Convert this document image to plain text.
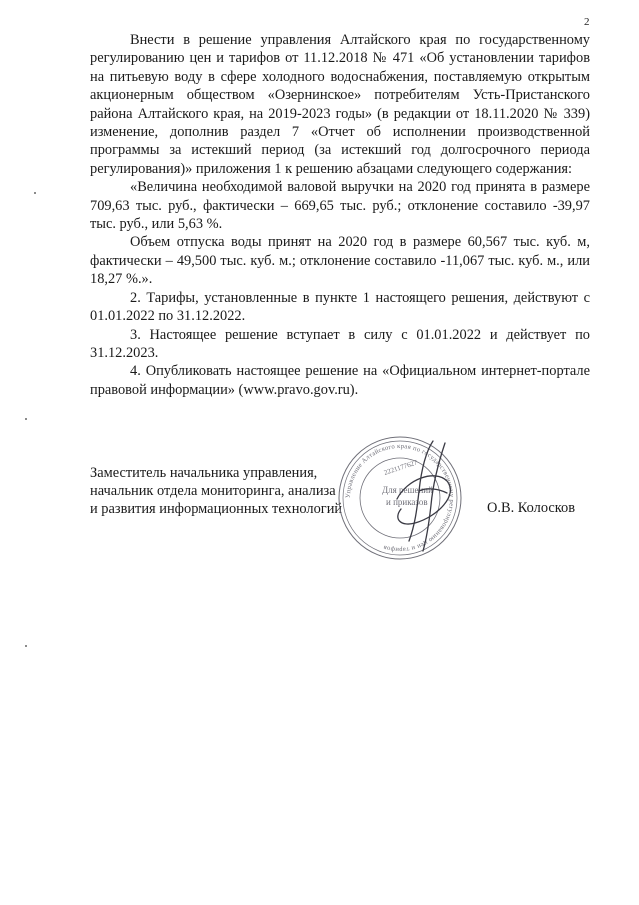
2

Внести в решение управления Алтайского края по государственному регулированию цен и тарифов от 11.12.2018 № 471 «Об установлении тарифов на питьевую воду в сфере холодного водоснабжения, поставляемую открытым акционерным обществом «Озернинское» потребителям Усть-Пристанского района Алтайского края, на 2019-2023 годы» (в редакции от 18.11.2020 № 339) изменение, дополнив раздел 7 «Отчет об исполнении производственной программы за истекший период (за истекший год долгосрочного периода регулирования)» приложения 1 к решению абзацами следующего содержания:

«Величина необходимой валовой выручки на 2020 год принята в размере 709,63 тыс. руб., фактически – 669,65 тыс. руб.; отклонение составило -39,97 тыс. руб., или 5,63 %.

Объем отпуска воды принят на 2020 год в размере 60,567 тыс. куб. м, фактически – 49,500 тыс. куб. м.; отклонение составило -11,067 тыс. куб. м., или 18,27 %.».

2. Тарифы, установленные в пункте 1 настоящего решения, действуют с 01.01.2022 по 31.12.2022.

3. Настоящее решение вступает в силу с 01.01.2022 и действует по 31.12.2023.

4. Опубликовать настоящее решение на «Официальном интернет-портале правовой информации» (www.pravo.gov.ru).

Заместитель начальника управления,
начальник отдела мониторинга, анализа
и развития информационных технологий
Управление Алтайского края по государственному регулированию цен и тарифов
2221177627
Для решений
и приказов	О.В. Колосков
